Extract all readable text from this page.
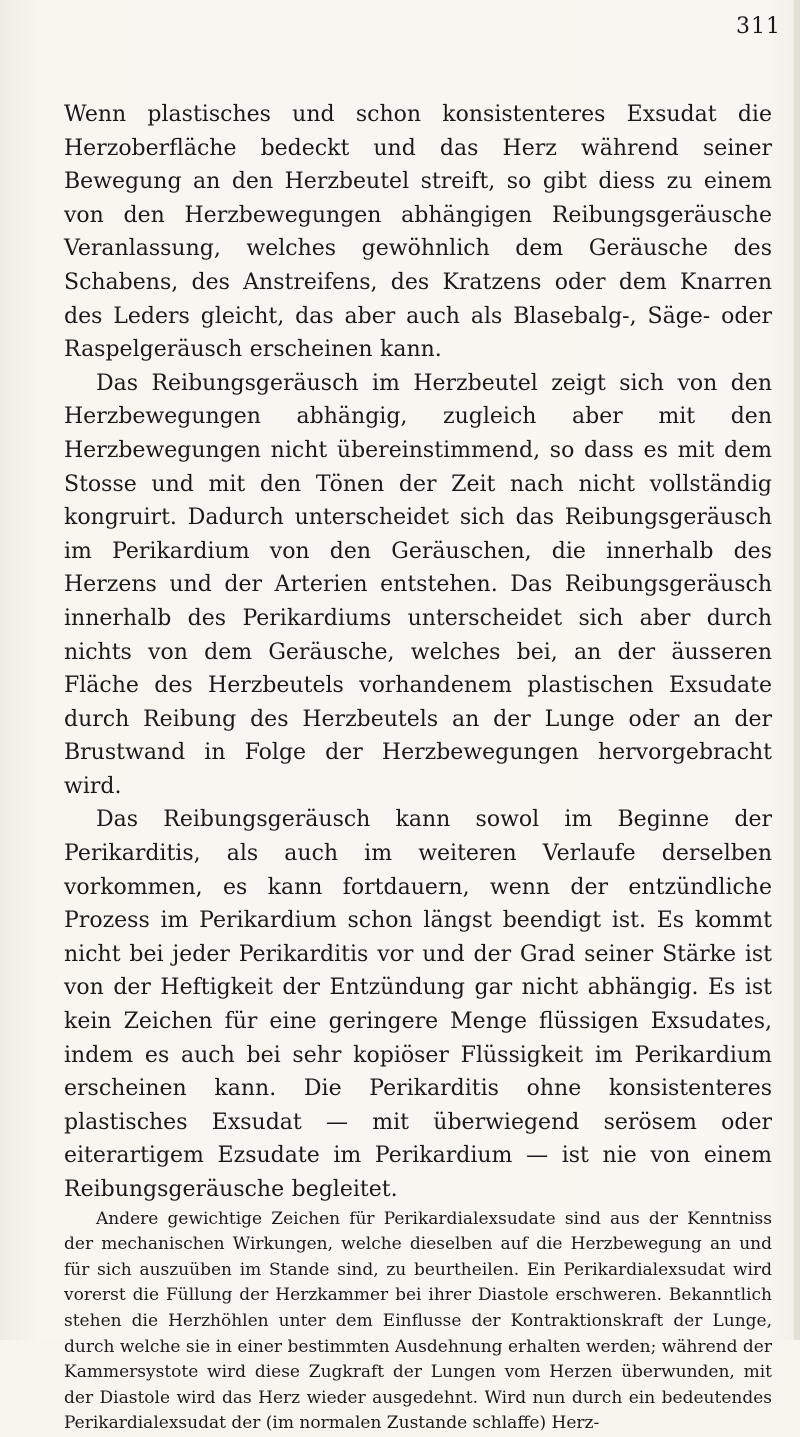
311

Wenn plastisches und schon konsistenteres Exsudat die Herzoberfläche bedeckt und das Herz während seiner Bewegung an den Herzbeutel streift, so gibt diess zu einem von den Herzbewegungen abhängigen Reibungsgeräusche Veranlassung, welches gewöhnlich dem Geräusche des Schabens, des Anstreifens, des Kratzens oder dem Knarren des Leders gleicht, das aber auch als Blasebalg-, Säge- oder Raspelgeräusch erscheinen kann.

Das Reibungsgeräusch im Herzbeutel zeigt sich von den Herzbewegungen abhängig, zugleich aber mit den Herzbewegungen nicht übereinstimmend, so dass es mit dem Stosse und mit den Tönen der Zeit nach nicht vollständig kongruirt. Dadurch unterscheidet sich das Reibungsgeräusch im Perikardium von den Geräuschen, die innerhalb des Herzens und der Arterien entstehen. Das Reibungsgeräusch innerhalb des Perikardiums unterscheidet sich aber durch nichts von dem Geräusche, welches bei, an der äusseren Fläche des Herzbeutels vorhandenem plastischen Exsudate durch Reibung des Herzbeutels an der Lunge oder an der Brustwand in Folge der Herzbewegungen hervorgebracht wird.

Das Reibungsgeräusch kann sowol im Beginne der Perikarditis, als auch im weiteren Verlaufe derselben vorkommen, es kann fortdauern, wenn der entzündliche Prozess im Perikardium schon längst beendigt ist. Es kommt nicht bei jeder Perikarditis vor und der Grad seiner Stärke ist von der Heftigkeit der Entzündung gar nicht abhängig. Es ist kein Zeichen für eine geringere Menge flüssigen Exsudates, indem es auch bei sehr kopiöser Flüssigkeit im Perikardium erscheinen kann. Die Perikarditis ohne konsistenteres plastisches Exsudat — mit überwiegend serösem oder eiterartigem Ezsudate im Perikardium — ist nie von einem Reibungsgeräusche begleitet.

Andere gewichtige Zeichen für Perikardialexsudate sind aus der Kenntniss der mechanischen Wirkungen, welche dieselben auf die Herzbewegung an und für sich auszuüben im Stande sind, zu beurtheilen. Ein Perikardialexsudat wird vorerst die Füllung der Herzkammer bei ihrer Diastole erschweren. Bekanntlich stehen die Herzhöhlen unter dem Einflusse der Kontraktionskraft der Lunge, durch welche sie in einer bestimmten Ausdehnung erhalten werden; während der Kammersystote wird diese Zugkraft der Lungen vom Herzen überwunden, mit der Diastole wird das Herz wieder ausgedehnt. Wird nun durch ein bedeutendes Perikardialexsudat der (im normalen Zustande schlaffe) Herz-
